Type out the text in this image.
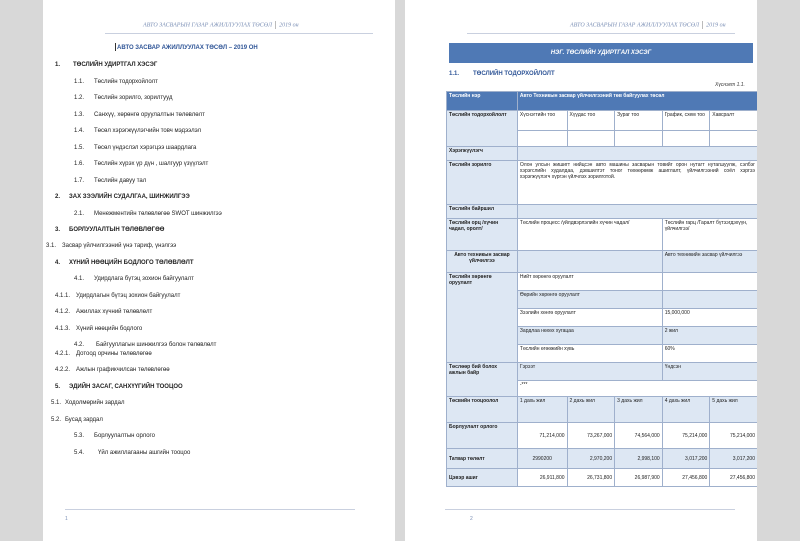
АВТО ЗАСВАРЫН ГАЗАР АЖИЛЛУУЛАХ ТӨСӨЛ 2019 он
АВТО ЗАСВАР АЖИЛЛУУЛАХ ТӨСӨЛ – 2019 ОН
1. ТӨСЛИЙН УДИРТГАЛ ХЭСЭГ
1.1. Төслийн тодорхойлолт
1.2. Төслийн зорилго, зорилтууд
1.3. Санхүү, хөрөнгө оруулалтын төлөвлөлт
1.4. Төсөл хэрэгжүүлэгчийн товч мэдээлэл
1.5. Төсөл үндэслэл хэрэгцээ шаардлага
1.6. Төслийн хүрэх үр дүн , шалгуур үзүүлэлт
1.7. Төслийн давуу тал
2. ЗАХ ЗЭЭЛИЙН СУДАЛГАА, ШИНЖИЛГЭЭ
2.1. Менежментийн төлөвлөгөө SWOT шинжилгээ
3. БОРЛУУЛАЛТЫН ТӨЛӨВЛӨГӨӨ
3.1. Засвар үйлчилгээний үнэ тариф, үнэлгээ
4. ХҮНИЙ НӨӨЦИЙН БОДЛОГО ТӨЛӨВЛӨЛТ
4.1. Удирдлага бүтэц зохион байгуулалт
4.1.1. Удирдлагын бүтэц зохион байгуулалт
4.1.2. Ажиллах хүчний төлөвлөлт
4.1.3. Хүний нөөцийн бодлого
4.2. Байгууллагын шинжилгээ болон төлөвлөлт
4.2.1. Дотоод орчины төлөвлөгөө
4.2.2. Ажлын графикчилсан төлөвлөгөө
5. ЭДИЙН ЗАСАГ, САНХҮҮГИЙН ТООЦОО
5.1. Ходолмөрийн зардал
5.2. Бусад зардал
5.3. Борлуулалтын орлого
5.4. Үйл ажиллагааны ашгийн тооцоо
1
АВТО ЗАСВАРЫН ГАЗАР АЖИЛЛУУЛАХ ТӨСӨЛ 2019 он
НЭГ. ТӨСЛИЙН УДИРТГАЛ ХЭСЭГ
1.1. ТӨСЛИЙН ТОДОРХОЙЛОЛТ
Хүснэгт 1.1.
Төслийн нэр	Авто Техникын засвар үйлчилгээний төв байгуулах төсөл				
Төслийн тодорхойлолт	Хүснэгтийн тоо	Хүүдас тоо	Зураг тоо	График, схем тоо	Хавсралт

Хэрэгжүүлэгч					
Төслийн зорилго	Олон улсын жишигт нийцсэн авто машины засварын товийг орон нутагт нутагшуулж, сэлбэг хэрэгслийн худалдаа, дэвшилтэт тоног төхөөрөмж ашиглалт, үйлчилгээний соёл хэргээ хэрэгжүүлэгч хүргэн үйлчлэх зорилготой.				
Төслийн байршил					
Төслийн орц /хүчин чадал, оролт/	Төслийн процесс /үйлдвэрлэлийн хүчин чадал/			Төслийн гарц /Гаралт бүтээгдэхүүн, үйлчилгээ/	
Авто техникын засвар үйлчилгээ				Авто техникийн засвар үйлчилгээ	
Төслийн хөрөнгө оруулалт	Нийт хөрөнгө оруулалт				
	Өөрийн хөрөнгө оруулалт				
	Зээлийн хөнгө оруулалт			15,000,000	
	Зардлаа нөхөх хугацаа			2 жил	
	Төслийн өгөөжийн хүвь			60%	
Төслөөр бий болох ажлын байр	Гэрээт			Үндсэн	
	-***				
Төсвийн тооцоолол	1 дахь жил	2 дахь жил	3 дахь жил	4 дахь жил	5 дахь жил
Борлуулалт орлого	71,214,000	73,267,000	74,564,000	75,214,000	75,214,000
Татвар төлөлт	2990200	2,970,200	2,998,100	3,017,200	3,017,200
Цэвэр ашиг	26,911,800	26,731,800	26,987,900	27,456,800	27,456,800
2
